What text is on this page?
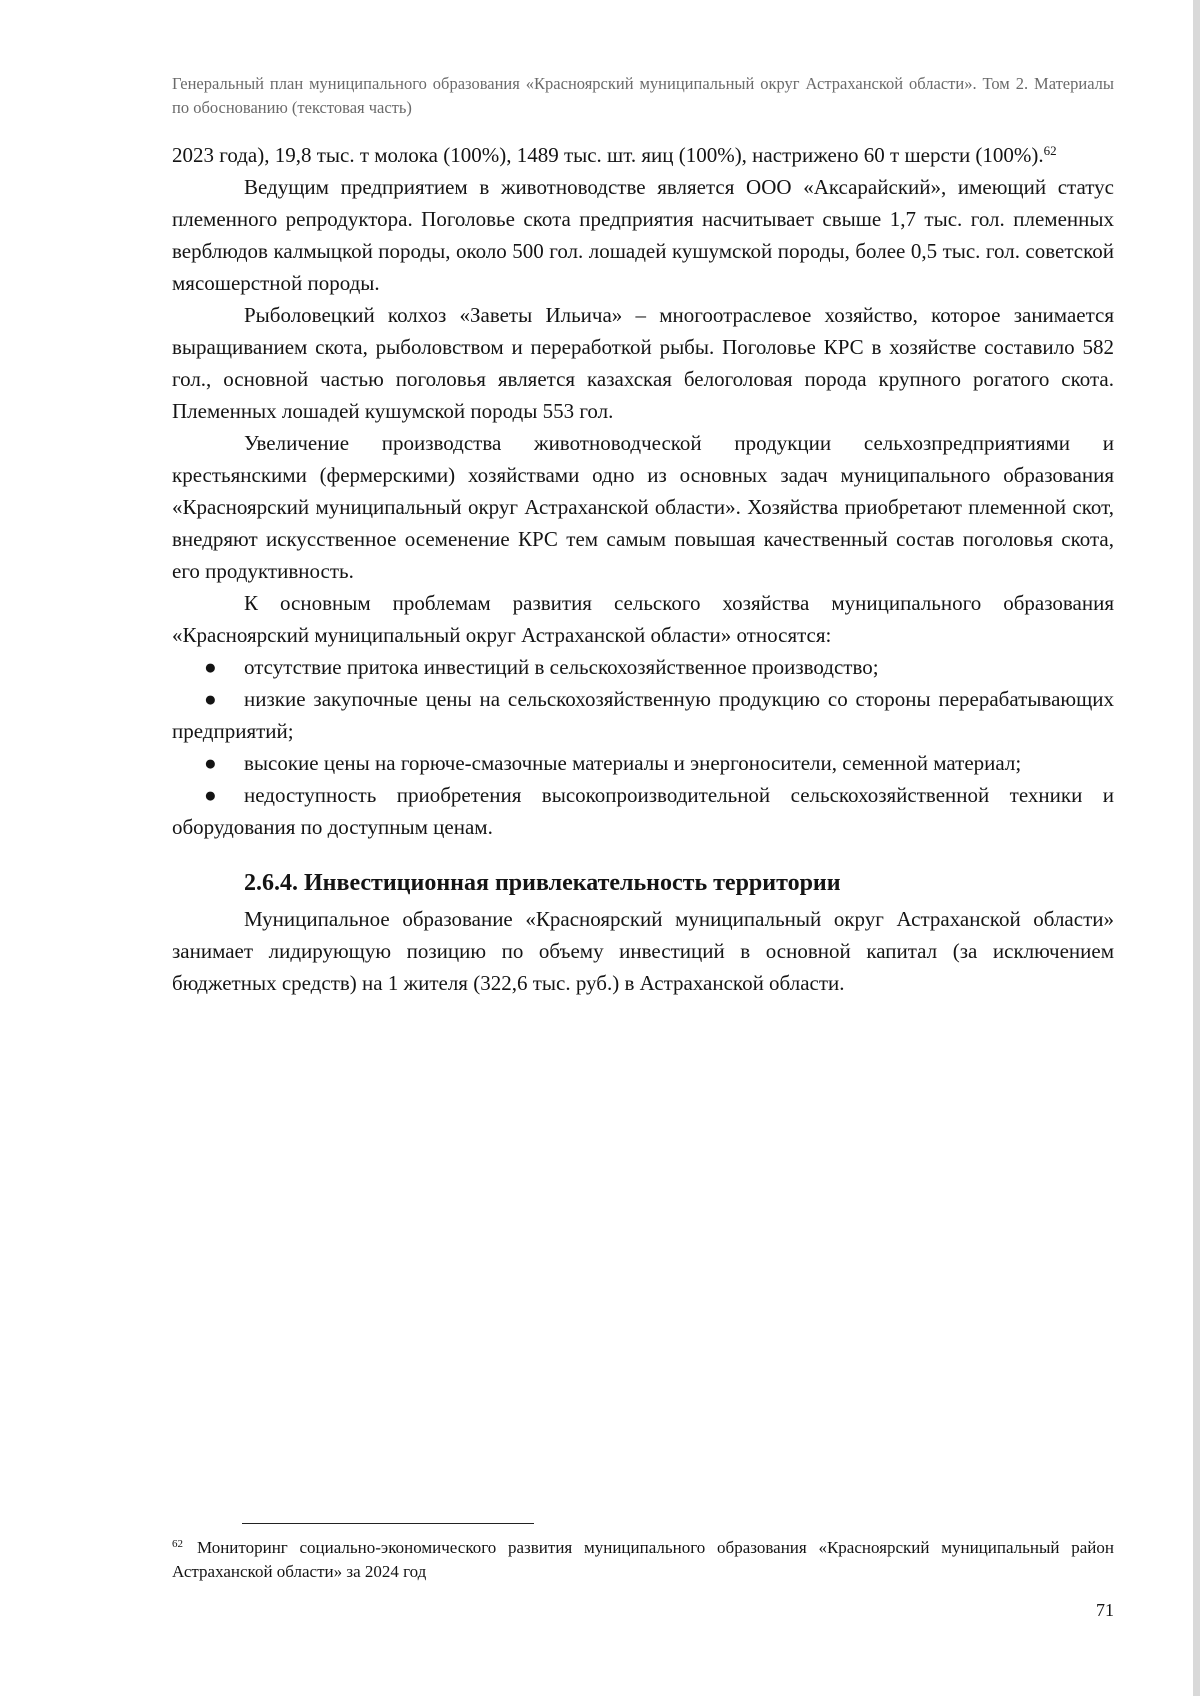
Генеральный план муниципального образования «Красноярский муниципальный округ Астраханской области». Том 2. Материалы по обоснованию (текстовая часть)

2023 года), 19,8 тыс. т молока (100%), 1489 тыс. шт. яиц (100%), настрижено 60 т шерсти (100%).$^{62}$

Ведущим предприятием в животноводстве является ООО «Аксарайский», имеющий статус племенного репродуктора. Поголовье скота предприятия насчитывает свыше 1,7 тыс. гол. племенных верблюдов калмыцкой породы, около 500 гол. лошадей кушумской породы, более 0,5 тыс. гол. советской мясошерстной породы.

Рыболовецкий колхоз «Заветы Ильича» – многоотраслевое хозяйство, которое занимается выращиванием скота, рыболовством и переработкой рыбы. Поголовье КРС в хозяйстве составило 582 гол., основной частью поголовья является казахская белоголовая порода крупного рогатого скота. Племенных лошадей кушумской породы 553 гол.

Увеличение производства животноводческой продукции сельхозпредприятиями и крестьянскими (фермерскими) хозяйствами одно из основных задач муниципального образования «Красноярский муниципальный округ Астраханской области». Хозяйства приобретают племенной скот, внедряют искусственное осеменение КРС тем самым повышая качественный состав поголовья скота, его продуктивность.

К основным проблемам развития сельского хозяйства муниципального образования «Красноярский муниципальный округ Астраханской области» относятся:

● отсутствие притока инвестиций в сельскохозяйственное производство;

● низкие закупочные цены на сельскохозяйственную продукцию со стороны перерабатывающих предприятий;

● высокие цены на горюче-смазочные материалы и энергоносители, семенной материал;

● недоступность приобретения высокопроизводительной сельскохозяйственной техники и оборудования по доступным ценам.

2.6.4. Инвестиционная привлекательность территории

Муниципальное образование «Красноярский муниципальный округ Астраханской области» занимает лидирующую позицию по объему инвестиций в основной капитал (за исключением бюджетных средств) на 1 жителя (322,6 тыс. руб.) в Астраханской области.

$^{62}$ Мониторинг социально-экономического развития муниципального образования «Красноярский муниципальный район Астраханской области» за 2024 год
71
